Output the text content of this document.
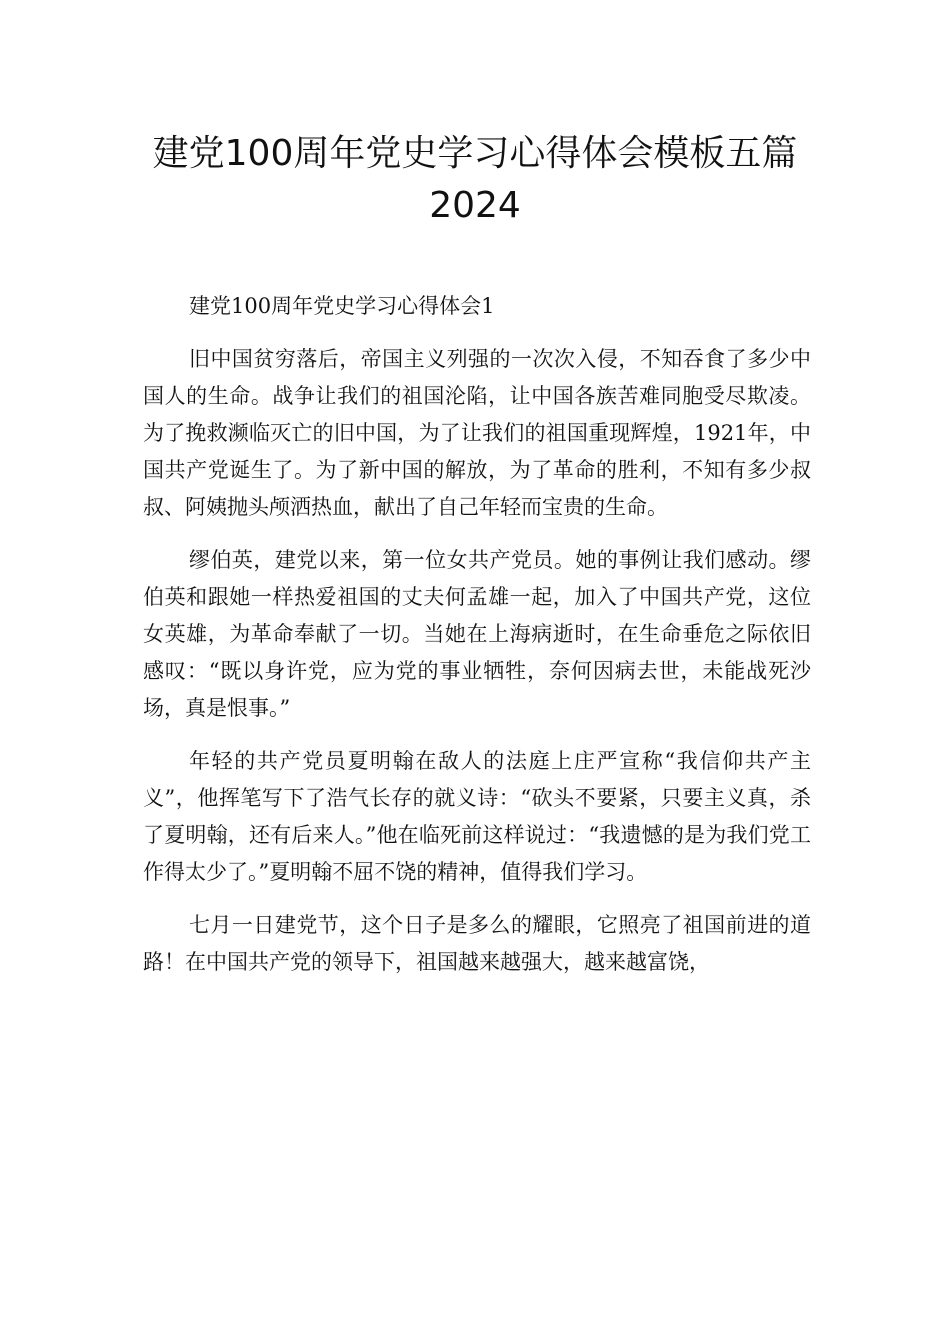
建党100周年党史学习心得体会模板五篇2024

建党100周年党史学习心得体会1

旧中国贫穷落后，帝国主义列强的一次次入侵，不知吞食了多少中国人的生命。战争让我们的祖国沦陷，让中国各族苦难同胞受尽欺凌。为了挽救濒临灭亡的旧中国，为了让我们的祖国重现辉煌，1921年，中国共产党诞生了。为了新中国的解放，为了革命的胜利，不知有多少叔叔、阿姨抛头颅洒热血，献出了自己年轻而宝贵的生命。

缪伯英，建党以来，第一位女共产党员。她的事例让我们感动。缪伯英和跟她一样热爱祖国的丈夫何孟雄一起，加入了中国共产党，这位女英雄，为革命奉献了一切。当她在上海病逝时，在生命垂危之际依旧感叹：“既以身许党，应为党的事业牺牲，奈何因病去世，未能战死沙场，真是恨事。”

年轻的共产党员夏明翰在敌人的法庭上庄严宣称“我信仰共产主义”，他挥笔写下了浩气长存的就义诗：“砍头不要紧，只要主义真，杀了夏明翰，还有后来人。”他在临死前这样说过：“我遗憾的是为我们党工作得太少了。”夏明翰不屈不饶的精神，值得我们学习。

七月一日建党节，这个日子是多么的耀眼，它照亮了祖国前进的道路！在中国共产党的领导下，祖国越来越强大，越来越富饶，
